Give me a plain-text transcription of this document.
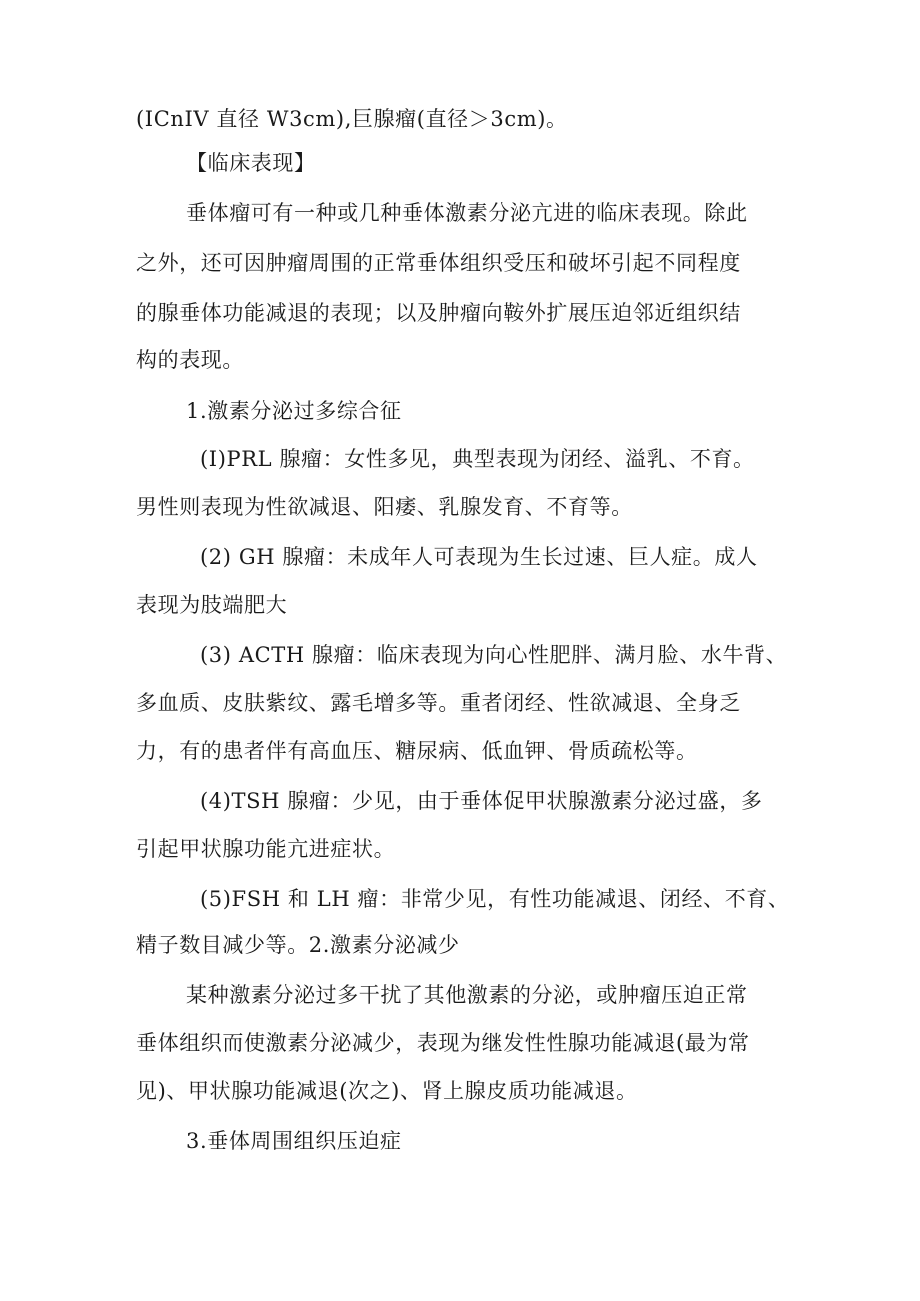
(ICnIV 直径 W3cm),巨腺瘤(直径＞3cm)。

【临床表现】

垂体瘤可有一种或几种垂体激素分泌亢进的临床表现。除此

之外，还可因肿瘤周围的正常垂体组织受压和破坏引起不同程度

的腺垂体功能减退的表现；以及肿瘤向鞍外扩展压迫邻近组织结

构的表现。

1.激素分泌过多综合征

(I)PRL 腺瘤：女性多见，典型表现为闭经、溢乳、不育。

男性则表现为性欲减退、阳痿、乳腺发育、不育等。

(2) GH 腺瘤：未成年人可表现为生长过速、巨人症。成人

表现为肢端肥大

(3) ACTH 腺瘤：临床表现为向心性肥胖、满月脸、水牛背、

多血质、皮肤紫纹、露毛增多等。重者闭经、性欲减退、全身乏

力，有的患者伴有高血压、糖尿病、低血钾、骨质疏松等。

(4)TSH 腺瘤：少见，由于垂体促甲状腺激素分泌过盛，多

引起甲状腺功能亢进症状。

(5)FSH 和 LH 瘤：非常少见，有性功能减退、闭经、不育、

精子数目减少等。2.激素分泌减少

某种激素分泌过多干扰了其他激素的分泌，或肿瘤压迫正常

垂体组织而使激素分泌减少，表现为继发性性腺功能减退(最为常

见)、甲状腺功能减退(次之)、肾上腺皮质功能减退。

3.垂体周围组织压迫症
